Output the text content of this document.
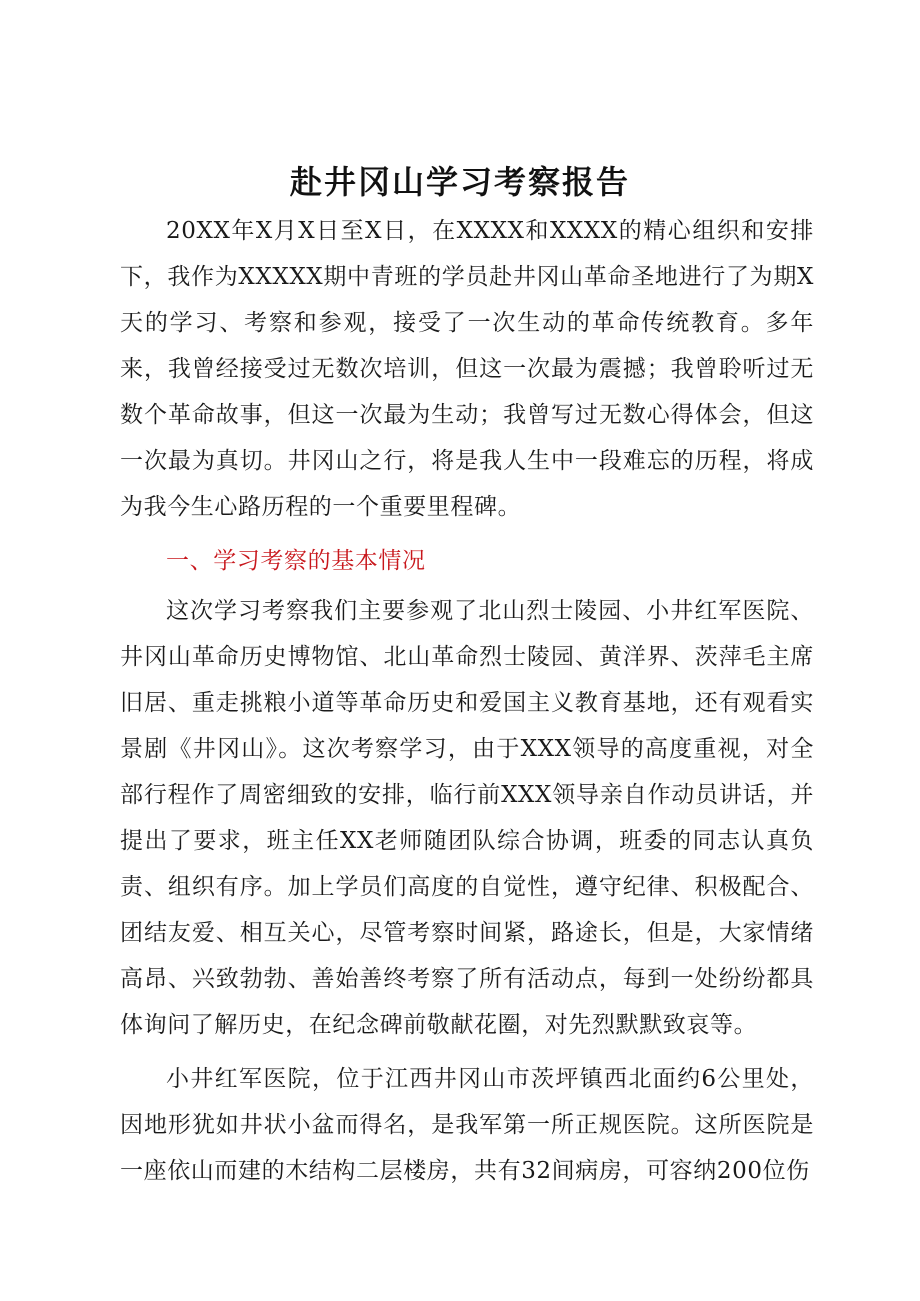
赴井冈山学习考察报告

20XX年X月X日至X日，在XXXX和XXXX的精心组织和安排下，我作为XXXXX期中青班的学员赴井冈山革命圣地进行了为期X天的学习、考察和参观，接受了一次生动的革命传统教育。多年来，我曾经接受过无数次培训，但这一次最为震撼；我曾聆听过无数个革命故事，但这一次最为生动；我曾写过无数心得体会，但这一次最为真切。井冈山之行，将是我人生中一段难忘的历程，将成为我今生心路历程的一个重要里程碑。

一、学习考察的基本情况

这次学习考察我们主要参观了北山烈士陵园、小井红军医院、井冈山革命历史博物馆、北山革命烈士陵园、黄洋界、茨萍毛主席旧居、重走挑粮小道等革命历史和爱国主义教育基地，还有观看实景剧《井冈山》。这次考察学习，由于XXX领导的高度重视，对全部行程作了周密细致的安排，临行前XXX领导亲自作动员讲话，并提出了要求，班主任XX老师随团队综合协调，班委的同志认真负责、组织有序。加上学员们高度的自觉性，遵守纪律、积极配合、团结友爱、相互关心，尽管考察时间紧，路途长，但是，大家情绪高昂、兴致勃勃、善始善终考察了所有活动点，每到一处纷纷都具体询问了解历史，在纪念碑前敬献花圈，对先烈默默致哀等。

小井红军医院，位于江西井冈山市茨坪镇西北面约6公里处，因地形犹如井状小盆而得名，是我军第一所正规医院。这所医院是一座依山而建的木结构二层楼房，共有32间病房，可容纳200位伤
